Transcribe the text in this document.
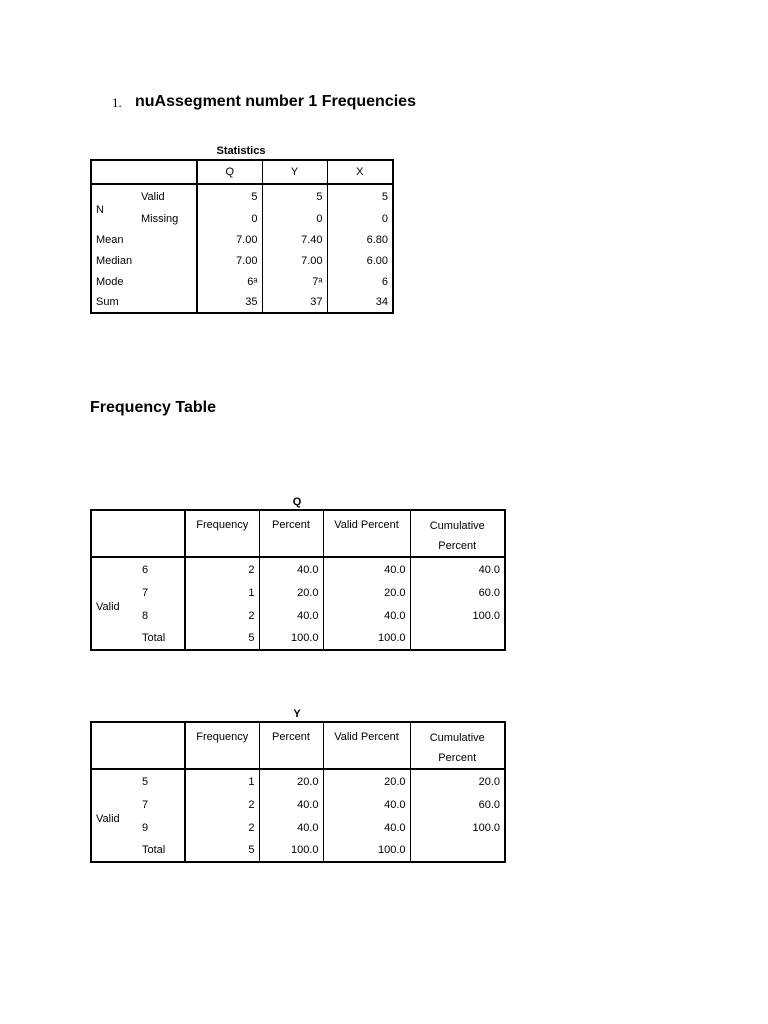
1. nuAssegment number 1 Frequencies
Statistics
		Q	Y	X
N	Valid	5	5	5
	Missing	0	0	0
Mean		7.00	7.40	6.80
Median		7.00	7.00	6.00
Mode		6ᵃ	7ᵃ	6
Sum		35	37	34
Frequency Table
Q
		Frequency	Percent	Valid Percent	Cumulative Percent
Valid	6	2	40.0	40.0	40.0
	7	1	20.0	20.0	60.0
	8	2	40.0	40.0	100.0
	Total	5	100.0	100.0	
Y
		Frequency	Percent	Valid Percent	Cumulative Percent
Valid	5	1	20.0	20.0	20.0
	7	2	40.0	40.0	60.0
	9	2	40.0	40.0	100.0
	Total	5	100.0	100.0	
